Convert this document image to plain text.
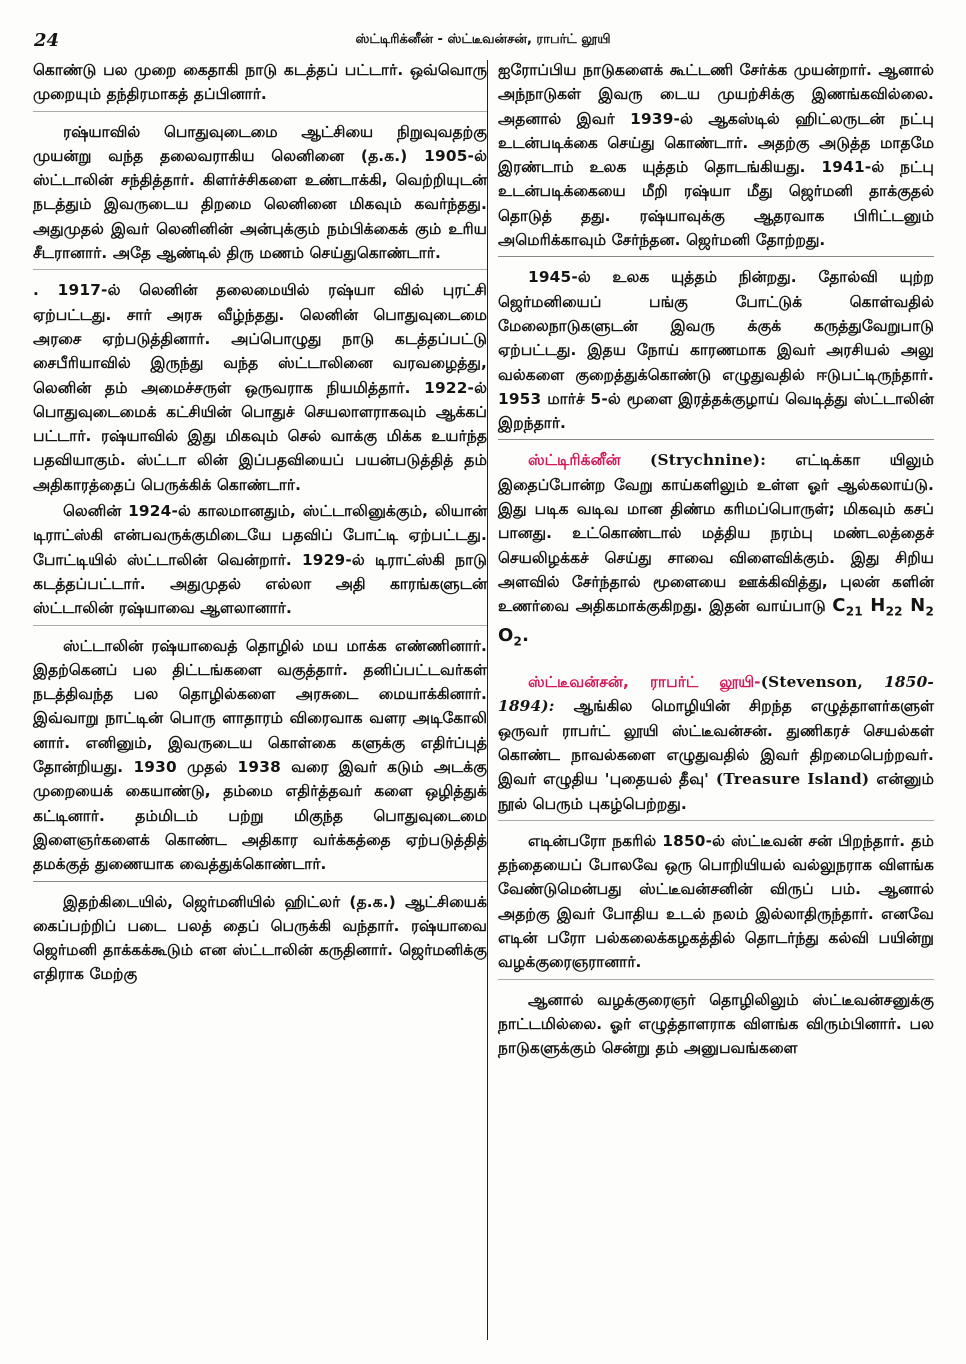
24	ஸ்ட்டிரிக்னீன் - ஸ்ட்டீவன்சன், ராபர்ட் லூயி

கொண்டு பல முறை கைதாகி நாடு கடத்தப் பட்டார். ஒவ்வொரு முறையும் தந்திரமாகத் தப்பினார்.

ரஷ்யாவில் பொதுவுடைமை ஆட்சியை நிறுவுவதற்கு முயன்று வந்த தலைவராகிய லெனினை (த.க.) 1905-ல் ஸ்ட்டாலின் சந்தித்தார். கிளர்ச்சிகளை உண்டாக்கி, வெற்றியுடன் நடத்தும் இவருடைய திறமை லெனினை மிகவும் கவர்ந்தது. அதுமுதல் இவர் லெனினின் அன்புக்கும் நம்பிக்கைக் கும் உரிய சீடரானார். அதே ஆண்டில் திரு மணம் செய்துகொண்டார்.

. 1917-ல் லெனின் தலைமையில் ரஷ்யா வில் புரட்சி ஏற்பட்டது. சார் அரசு வீழ்ந்தது. லெனின் பொதுவுடைமை அரசை ஏற்படுத்தினார். அப்பொழுது நாடு கடத்தப்பட்டு சைபீரியாவில் இருந்து வந்த ஸ்ட்டாலினை வரவழைத்து, லெனின் தம் அமைச்சருள் ஒருவராக நியமித்தார். 1922-ல் பொதுவுடைமைக் கட்சியின் பொதுச் செயலாளராகவும் ஆக்கப் பட்டார். ரஷ்யாவில் இது மிகவும் செல் வாக்கு மிக்க உயர்ந்த பதவியாகும். ஸ்ட்டா லின் இப்பதவியைப் பயன்படுத்தித் தம் அதிகாரத்தைப் பெருக்கிக் கொண்டார்.

லெனின் 1924-ல் காலமானதும், ஸ்ட்டாலினுக்கும், லியான் டிராட்ஸ்கி என்பவருக்குமிடையே பதவிப் போட்டி ஏற்பட்டது. போட்டியில் ஸ்ட்டாலின் வென்றார். 1929-ல் டிராட்ஸ்கி நாடு கடத்தப்பட்டார். அதுமுதல் எல்லா அதி காரங்களுடன் ஸ்ட்டாலின் ரஷ்யாவை ஆளலானார்.

ஸ்ட்டாலின் ரஷ்யாவைத் தொழில் மய மாக்க எண்ணினார். இதற்கெனப் பல திட்டங்களை வகுத்தார். தனிப்பட்டவர்கள் நடத்திவந்த பல தொழில்களை அரசுடை மையாக்கினார். இவ்வாறு நாட்டின் பொரு ளாதாரம் விரைவாக வளர அடிகோலி னார். எனினும், இவருடைய கொள்கை களுக்கு எதிர்ப்புத் தோன்றியது. 1930 முதல் 1938 வரை இவர் கடும் அடக்கு முறையைக் கையாண்டு, தம்மை எதிர்த்தவர் களை ஒழித்துக் கட்டினார். தம்மிடம் பற்று மிகுந்த பொதுவுடைமை இளைஞர்களைக் கொண்ட அதிகார வர்க்கத்தை ஏற்படுத்தித் தமக்குத் துணையாக வைத்துக்கொண்டார்.

இதற்கிடையில், ஜெர்மனியில் ஹிட்லர் (த.க.) ஆட்சியைக் கைப்பற்றிப் படை பலத் தைப் பெருக்கி வந்தார். ரஷ்யாவை ஜெர்மனி தாக்கக்கூடும் என ஸ்ட்டாலின் கருதினார். ஜெர்மனிக்கு எதிராக மேற்கு

ஐரோப்பிய நாடுகளைக் கூட்டணி சேர்க்க முயன்றார். ஆனால் அந்நாடுகள் இவரு டைய முயற்சிக்கு இணங்கவில்லை. அதனால் இவர் 1939-ல் ஆகஸ்டில் ஹிட்லருடன் நட்பு உடன்படிக்கை செய்து கொண்டார். அதற்கு அடுத்த மாதமே இரண்டாம் உலக யுத்தம் தொடங்கியது. 1941-ல் நட்பு உடன்படிக்கையை மீறி ரஷ்யா மீது ஜெர்மனி தாக்குதல் தொடுத் தது. ரஷ்யாவுக்கு ஆதரவாக பிரிட்டனும் அமெரிக்காவும் சேர்ந்தன. ஜெர்மனி தோற்றது.

1945-ல் உலக யுத்தம் நின்றது. தோல்வி யுற்ற ஜெர்மனியைப் பங்கு போட்டுக் கொள்வதில் மேலைநாடுகளுடன் இவரு க்குக் கருத்துவேறுபாடு ஏற்பட்டது. இதய நோய் காரணமாக இவர் அரசியல் அலு வல்களை குறைத்துக்கொண்டு எழுதுவதில் ஈடுபட்டிருந்தார். 1953 மார்ச் 5-ல் மூளை இரத்தக்குழாய் வெடித்து ஸ்ட்டாலின் இறந்தார்.

ஸ்ட்டிரிக்னீன் (Strychnine): எட்டிக்கா யிலும் இதைப்போன்ற வேறு காய்களிலும் உள்ள ஓர் ஆல்கலாய்டு. இது படிக வடிவ மான திண்ம கரிமப்பொருள்; மிகவும் கசப் பானது. உட்கொண்டால் மத்திய நரம்பு மண்டலத்தைச் செயலிழக்கச் செய்து சாவை விளைவிக்கும். இது சிறிய அளவில் சேர்ந்தால் மூளையை ஊக்கிவித்து, புலன் களின் உணர்வை அதிகமாக்குகிறது. இதன் வாய்பாடு $C_{21}$ $H_{22}$ $N_2$ $O_2$.

ஸ்ட்டீவன்சன், ராபர்ட் லூயி-(Stevenson, 1850-1894): ஆங்கில மொழியின் சிறந்த எழுத்தாளர்களுள் ஒருவர் ராபர்ட் லூயி ஸ்ட்டீவன்சன். துணிகரச் செயல்கள் கொண்ட நாவல்களை எழுதுவதில் இவர் திறமைபெற்றவர். இவர் எழுதிய 'புதையல் தீவு' (Treasure Island) என்னும் நூல் பெரும் புகழ்பெற்றது.

எடின்பரோ நகரில் 1850-ல் ஸ்ட்டீவன் சன் பிறந்தார். தம் தந்தையைப் போலவே ஒரு பொறியியல் வல்லுநராக விளங்க வேண்டுமென்பது ஸ்ட்டீவன்சனின் விருப் பம். ஆனால் அதற்கு இவர் போதிய உடல் நலம் இல்லாதிருந்தார். எனவே எடின் பரோ பல்கலைக்கழகத்தில் தொடர்ந்து கல்வி பயின்று வழக்குரைஞரானார்.

ஆனால் வழக்குரைஞர் தொழிலிலும் ஸ்ட்டீவன்சனுக்கு நாட்டமில்லை. ஓர் எழுத்தாளராக விளங்க விரும்பினார். பல நாடுகளுக்கும் சென்று தம் அனுபவங்களை
